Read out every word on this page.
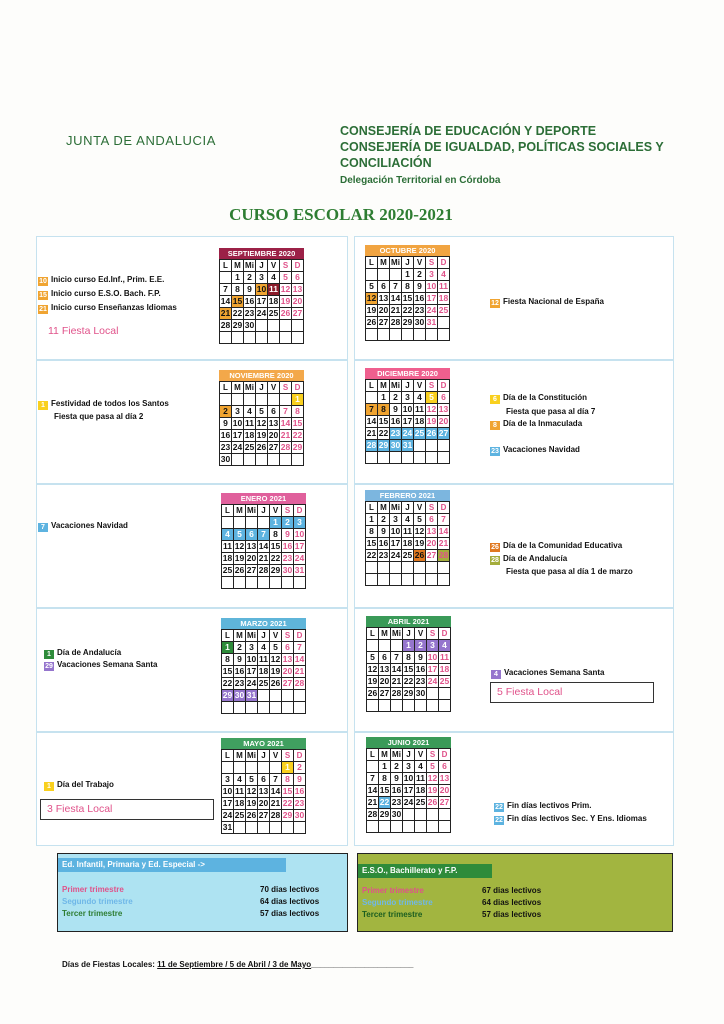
JUNTA DE ANDALUCIA
CONSEJERÍA DE EDUCACIÓN Y DEPORTE
CONSEJERÍA DE IGUALDAD, POLÍTICAS SOCIALES Y
CONCILIACIÓN
Delegación Territorial en Córdoba
CURSO ESCOLAR 2020-2021
SEPTIEMBRE 2020
L	M	Mi	J	V	S	D
	1	2	3	4	5	6
7	8	9	10	11	12	13
14	15	16	17	18	19	20
21	22	23	24	25	26	27
28	29	30				

OCTUBRE 2020
L	M	Mi	J	V	S	D
			1	2	3	4
5	6	7	8	9	10	11
12	13	14	15	16	17	18
19	20	21	22	23	24	25
26	27	28	29	30	31	

NOVIEMBRE 2020
L	M	Mi	J	V	S	D
						1
2	3	4	5	6	7	8
9	10	11	12	13	14	15
16	17	18	19	20	21	22
23	24	25	26	27	28	29
30						
DICIEMBRE 2020
L	M	Mi	J	V	S	D
	1	2	3	4	5	6
7	8	9	10	11	12	13
14	15	16	17	18	19	20
21	22	23	24	25	26	27
28	29	30	31			

ENERO 2021
L	M	Mi	J	V	S	D
				1	2	3
4	5	6	7	8	9	10
11	12	13	14	15	16	17
18	19	20	21	22	23	24
25	26	27	28	29	30	31

FEBRERO 2021
L	M	Mi	J	V	S	D
1	2	3	4	5	6	7
8	9	10	11	12	13	14
15	16	17	18	19	20	21
22	23	24	25	26	27	28

MARZO 2021
L	M	Mi	J	V	S	D
1	2	3	4	5	6	7
8	9	10	11	12	13	14
15	16	17	18	19	20	21
22	23	24	25	26	27	28
29	30	31				

ABRIL 2021
L	M	Mi	J	V	S	D
			1	2	3	4
5	6	7	8	9	10	11
12	13	14	15	16	17	18
19	20	21	22	23	24	25
26	27	28	29	30		

MAYO 2021
L	M	Mi	J	V	S	D
					1	2
3	4	5	6	7	8	9
10	11	12	13	14	15	16
17	18	19	20	21	22	23
24	25	26	27	28	29	30
31						
JUNIO 2021
L	M	Mi	J	V	S	D
	1	2	3	4	5	6
7	8	9	10	11	12	13
14	15	16	17	18	19	20
21	22	23	24	25	26	27
28	29	30				

10 Inicio curso Ed.Inf., Prim. E.E.
15 Inicio curso E.S.O. Bach. F.P.
21 Inicio curso Enseñanzas Idiomas
11 Fiesta Local
12 Fiesta Nacional de España
1 Festividad de todos los Santos
Fiesta que pasa al día 2
6 Día de la Constitución
Fiesta que pasa al día 7
8 Día de la Inmaculada
23 Vacaciones Navidad
7 Vacaciones Navidad
26 Día de la Comunidad Educativa
28 Día de Andalucía
Fiesta que pasa al día 1 de marzo
1 Día de Andalucía
29 Vacaciones Semana Santa
4 Vacaciones Semana Santa
5 Fiesta Local
1 Día del Trabajo
3 Fiesta Local	22 Fin días lectivos Prim.
22 Fin días lectivos Sec. Y Ens. Idiomas
Ed. Infantil, Primaria y Ed. Especial ->
Primer trimestre	70 dias lectivos
Segundo trimestre	64 dias lectivos
Tercer trimestre	57 dias lectivos
E.S.O., Bachillerato y F.P.
Primer trimestre	67 dias lectivos
Segundo trimestre	64 dias lectivos
Tercer trimestre	57 dias lectivos
Días de Fiestas Locales: 11 de Septiembre / 5 de Abril / 3 de Mayo_______________________
